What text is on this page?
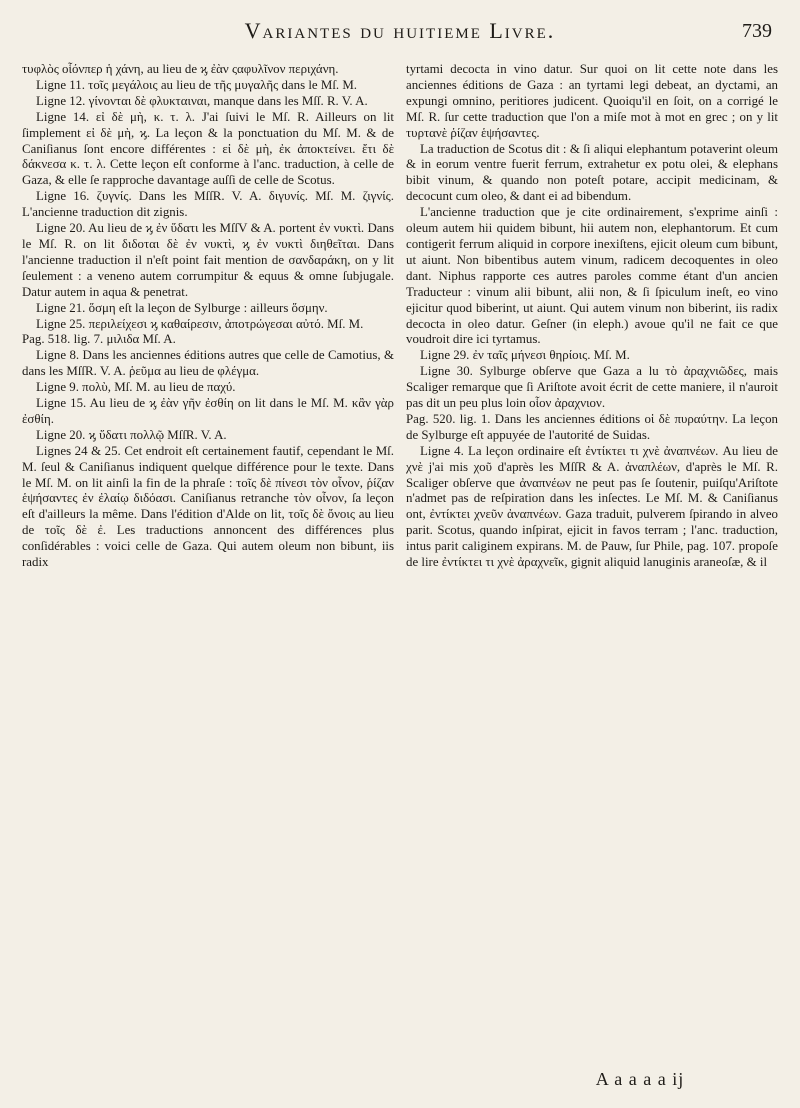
Variantes du huitieme Livre.	739

τυφλὸς οἷόνπερ ἡ χάνη, au lieu de ϗ ἐὰν ςαφυλῖνον περιχάνη.

Ligne 11. τοῖς μεγάλοις au lieu de τῆς μυγαλῆς dans le Mſ. M.

Ligne 12. γίνονται δὲ φλυκταιναι, manque dans les Mſſ. R. V. A.

Ligne 14. εἰ δὲ μὴ, κ. τ. λ. J'ai ſuivi le Mſ. R. Ailleurs on lit ſimplement εἰ δὲ μὴ, ϗ. La leçon & la ponctuation du Mſ. M. & de Caniſianus ſont encore différentes : εἰ δὲ μὴ, ἐκ ἀποκτείνει. ἔτι δὲ δάκνεσα κ. τ. λ. Cette leçon eſt conforme à l'anc. traduction, à celle de Gaza, & elle ſe rapproche davantage auſſi de celle de Scotus.

Ligne 16. ζυγνίς. Dans les MſſR. V. A. διγυνίς. Mſ. M. ζιγνίς. L'ancienne traduction dit zignis.

Ligne 20. Au lieu de ϗ ἐν ὕδατι les MſſV & A. portent ἐν νυκτὶ. Dans le Mſ. R. on lit διδοται δὲ ἐν νυκτὶ, ϗ ἐν νυκτὶ διηθεῖται. Dans l'ancienne traduction il n'eſt point fait mention de σανδαράκη, on y lit ſeulement : a veneno autem corrumpitur & equus & omne ſubjugale. Datur autem in aqua & penetrat.

Ligne 21. ὅσμη eſt la leçon de Sylburge : ailleurs ὅσμην.

Ligne 25. περιλείχεσι ϗ καθαίρεσιν, ἀποτρώγεσαι αὐτό. Mſ. M.

Pag. 518. lig. 7. μιλιδα Mſ. A.

Ligne 8. Dans les anciennes éditions autres que celle de Camotius, & dans les MſſR. V. A. ῥεῦμα au lieu de φλέγμα.

Ligne 9. πολὺ, Mſ. M. au lieu de παχύ.

Ligne 15. Au lieu de ϗ ἐὰν γῆν ἐσθίη on lit dans le Mſ. M. κἂν γὰρ ἐσθίη.

Ligne 20. ϗ ὕδατι πολλῷ MſſR. V. A.

Lignes 24 & 25. Cet endroit eſt certainement fautif, cependant le Mſ. M. ſeul & Caniſianus indiquent quelque différence pour le texte. Dans le Mſ. M. on lit ainſi la fin de la phraſe : τοῖς δὲ πίνεσι τὸν οἶνον, ῥίζαν ἑψήσαντες ἐν ἐλαίῳ διδόασι. Caniſianus retranche τὸν οἶνον, ſa leçon eſt d'ailleurs la même. Dans l'édition d'Alde on lit, τοῖς δὲ ὄνοις au lieu de τοῖς δὲ ἐ. Les traductions annoncent des différences plus conſidérables : voici celle de Gaza. Qui autem oleum non bibunt, iis radix

tyrtami decocta in vino datur. Sur quoi on lit cette note dans les anciennes éditions de Gaza : an tyrtami legi debeat, an dyctami, an expungi omnino, peritiores judicent. Quoiqu'il en ſoit, on a corrigé le Mſ. R. ſur cette traduction que l'on a miſe mot à mot en grec ; on y lit τυρτανὲ ῥίζαν ἑψήσαντες.

La traduction de Scotus dit : & ſi aliqui elephantum potaverint oleum & in eorum ventre fuerit ferrum, extrahetur ex potu olei, & elephans bibit vinum, & quando non poteſt potare, accipit medicinam, & decocunt cum oleo, & dant ei ad bibendum.

L'ancienne traduction que je cite ordinairement, s'exprime ainſi : oleum autem hii quidem bibunt, hii autem non, elephantorum. Et cum contigerit ferrum aliquid in corpore inexiſtens, ejicit oleum cum bibunt, ut aiunt. Non bibentibus autem vinum, radicem decoquentes in oleo dant. Niphus rapporte ces autres paroles comme étant d'un ancien Traducteur : vinum alii bibunt, alii non, & ſi ſpiculum ineſt, eo vino ejicitur quod biberint, ut aiunt. Qui autem vinum non biberint, iis radix decocta in oleo datur. Geſner (in eleph.) avoue qu'il ne fait ce que voudroit dire ici tyrtamus.

Ligne 29. ἐν ταῖς μήνεσι θηρίοις. Mſ. M.

Ligne 30. Sylburge obſerve que Gaza a lu τὸ ἀραχνιῶδες, mais Scaliger remarque que ſi Ariſtote avoit écrit de cette maniere, il n'auroit pas dit un peu plus loin οἷον ἀραχνιον.

Pag. 520. lig. 1. Dans les anciennes éditions οἱ δὲ πυραύτην. La leçon de Sylburge eſt appuyée de l'autorité de Suidas.

Ligne 4. La leçon ordinaire eſt ἐντίκτει τι χνὲ ἀναπνέων. Au lieu de χνὲ j'ai mis χοῦ d'après les MſſR & A. ἀναπλέων, d'après le Mſ. R. Scaliger obſerve que ἀναπνέων ne peut pas ſe ſoutenir, puiſqu'Ariſtote n'admet pas de reſpiration dans les inſectes. Le Mſ. M. & Caniſianus ont, ἐντίκτει χνεῦν ἀναπνέων. Gaza traduit, pulverem ſpirando in alveo parit. Scotus, quando inſpirat, ejicit in favos terram ; l'anc. traduction, intus parit caliginem expirans. M. de Pauw, ſur Phile, pag. 107. propoſe de lire ἐντίκτει τι χνὲ ἀραχνεῖκ, gignit aliquid lanuginis araneoſæ, & il

A a a a a ij
